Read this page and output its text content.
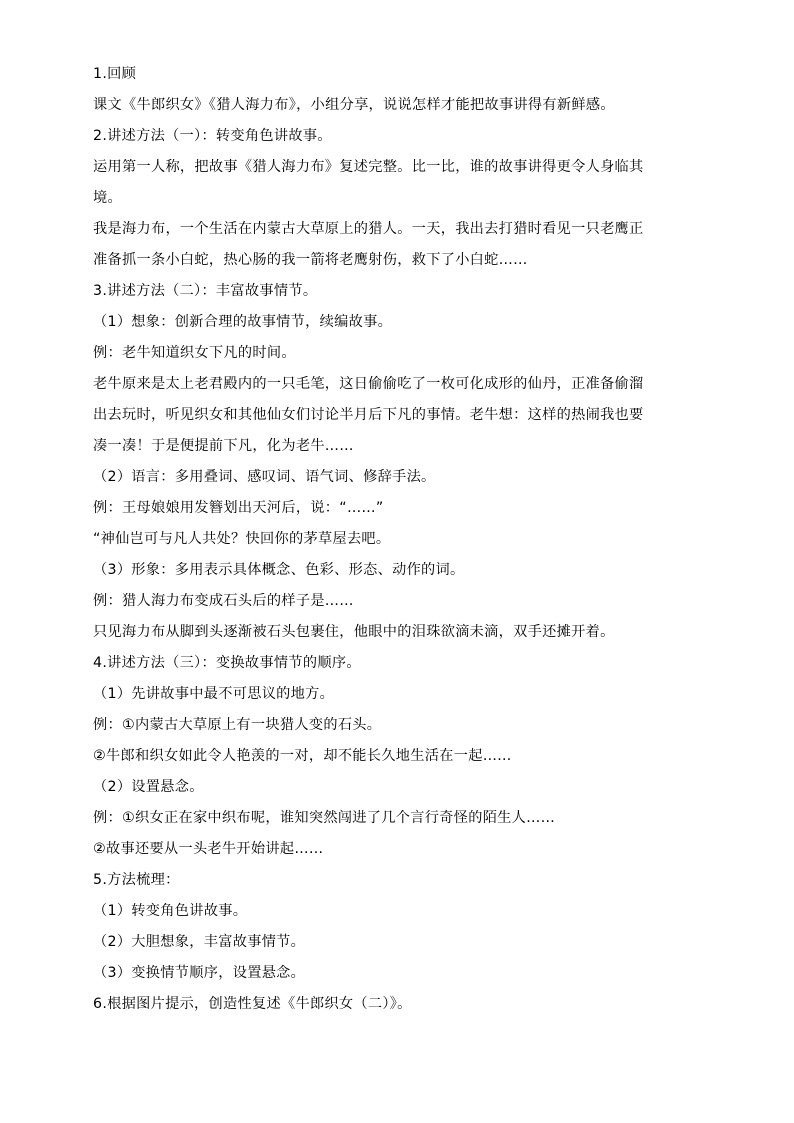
1.回顾
课文《牛郎织女》《猎人海力布》，小组分享，说说怎样才能把故事讲得有新鲜感。
2.讲述方法（一）：转变角色讲故事。
运用第一人称，把故事《猎人海力布》复述完整。比一比，谁的故事讲得更令人身临其
境。
我是海力布，一个生活在内蒙古大草原上的猎人。一天，我出去打猎时看见一只老鹰正
准备抓一条小白蛇，热心肠的我一箭将老鹰射伤，救下了小白蛇……
3.讲述方法（二）：丰富故事情节。
（1）想象：创新合理的故事情节，续编故事。
例：老牛知道织女下凡的时间。
老牛原来是太上老君殿内的一只毛笔，这日偷偷吃了一枚可化成形的仙丹，正准备偷溜
出去玩时，听见织女和其他仙女们讨论半月后下凡的事情。老牛想：这样的热闹我也要
凑一凑！于是便提前下凡，化为老牛……
（2）语言：多用叠词、感叹词、语气词、修辞手法。
例：王母娘娘用发簪划出天河后，说：“……”
“神仙岂可与凡人共处？快回你的茅草屋去吧。
（3）形象：多用表示具体概念、色彩、形态、动作的词。
例：猎人海力布变成石头后的样子是……
只见海力布从脚到头逐渐被石头包裹住，他眼中的泪珠欲滴未滴，双手还摊开着。
4.讲述方法（三）：变换故事情节的顺序。
（1）先讲故事中最不可思议的地方。
例：①内蒙古大草原上有一块猎人变的石头。
②牛郎和织女如此令人艳羡的一对，却不能长久地生活在一起……
（2）设置悬念。
例：①织女正在家中织布呢，谁知突然闯进了几个言行奇怪的陌生人……
②故事还要从一头老牛开始讲起……
5.方法梳理：
（1）转变角色讲故事。
（2）大胆想象，丰富故事情节。
（3）变换情节顺序，设置悬念。
6.根据图片提示，创造性复述《牛郎织女（二）》。
